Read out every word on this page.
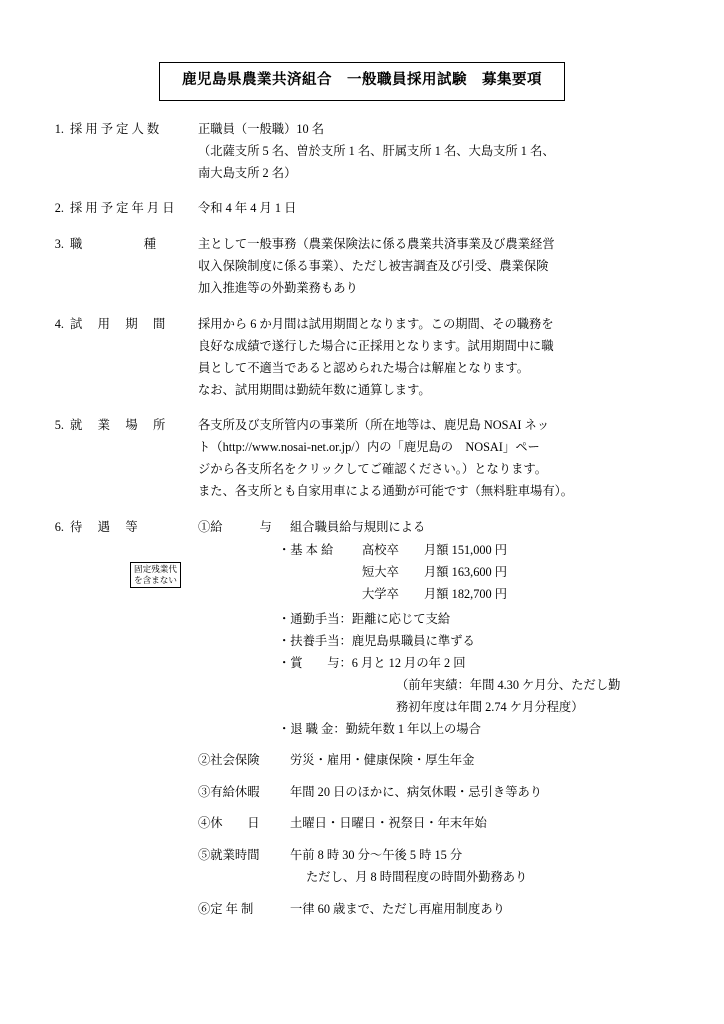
鹿児島県農業共済組合　一般職員採用試験　募集要項
1. 採 用 予 定 人 数	正職員（一般職）10 名

（北薩支所 5 名、曽於支所 1 名、肝属支所 1 名、大島支所 1 名、

南大島支所 2 名）

2. 採 用 予 定 年 月 日	令和 4 年 4 月 1 日

3. 職　　　　　種	主として一般事務（農業保険法に係る農業共済事業及び農業経営

収入保険制度に係る事業）、ただし被害調査及び引受、農業保険

加入推進等の外勤業務もあり

4. 試 　用 　期 　間	採用から 6 か月間は試用期間となります。この期間、その職務を

良好な成績で遂行した場合に正採用となります。試用期間中に職

員として不適当であると認められた場合は解雇となります。

なお、試用期間は勤続年数に通算します。

5. 就 　業 　場 　所	各支所及び支所管内の事業所（所在地等は、鹿児島 NOSAI ネッ

ト（http://www.nosai-net.or.jp/）内の「鹿児島の　NOSAI」ペー

ジから各支所名をクリックしてご確認ください。）となります。

また、各支所とも自家用車による通勤が可能です（無料駐車場有）。

6. 待 　遇 　等	①給　　　与	組合職員給与規則による
固定残業代
を含まない
・基 本 給	高校卒	月額 151,000 円
短大卒	月額 163,600 円
大学卒	月額 182,700 円
・通勤手当：距離に応じて支給
・扶養手当：鹿児島県職員に準ずる
・賞　　与：6 月と 12 月の年 2 回
（前年実績：年間 4.30 ケ月分、ただし勤
務初年度は年間 2.74 ケ月分程度）
・退 職 金：勤続年数 1 年以上の場合
②社会保険	労災・雇用・健康保険・厚生年金
③有給休暇	年間 20 日のほかに、病気休暇・忌引き等あり
④休　　日	土曜日・日曜日・祝祭日・年末年始
⑤就業時間	午前 8 時 30 分〜午後 5 時 15 分

ただし、月 8 時間程度の時間外勤務あり

⑥定 年 制	一律 60 歳まで、ただし再雇用制度あり
